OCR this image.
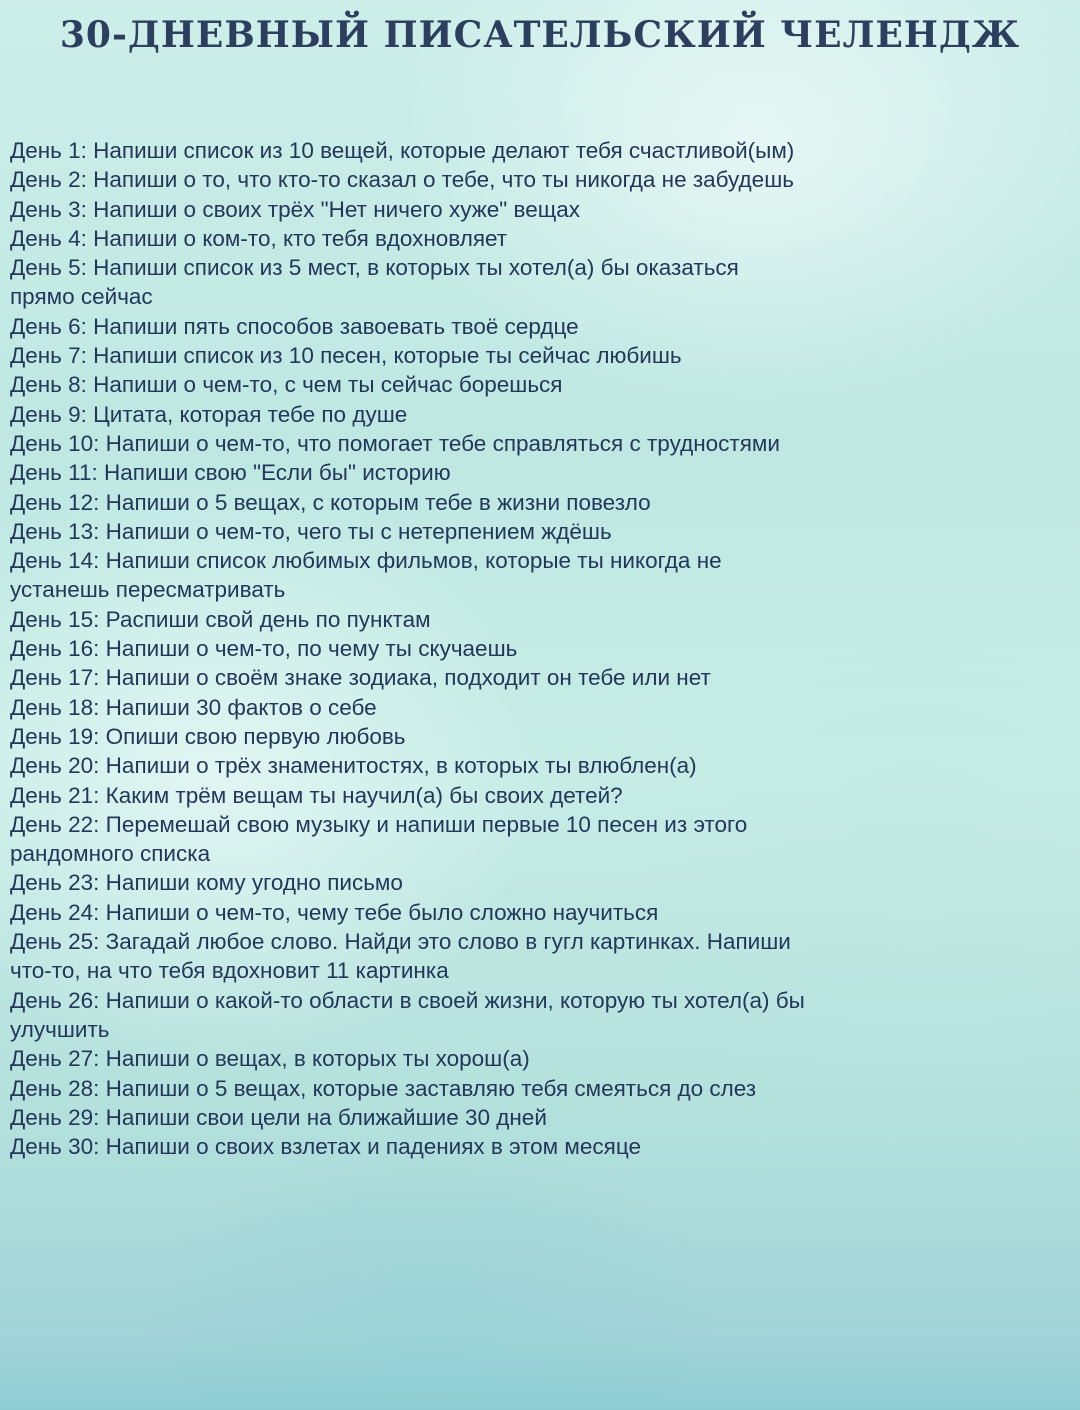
30-ДНЕВНЫЙ ПИСАТЕЛЬСКИЙ ЧЕЛЕНДЖ
День 1: Напиши список из 10 вещей, которые делают тебя счастливой(ым)
День 2: Напиши о то, что кто-то сказал о тебе, что ты никогда не забудешь
День 3: Напиши о своих трёх "Нет ничего хуже" вещах
День 4: Напиши о ком-то, кто тебя вдохновляет
День 5: Напиши список из 5 мест, в которых ты хотел(а) бы оказаться
прямо сейчас
День 6: Напиши пять способов завоевать твоё сердце
День 7: Напиши список из 10 песен, которые ты сейчас любишь
День 8: Напиши о чем-то, с чем ты сейчас борешься
День 9: Цитата, которая тебе по душе
День 10: Напиши о чем-то, что помогает тебе справляться с трудностями
День 11: Напиши свою "Если бы" историю
День 12: Напиши о 5 вещах, с которым тебе в жизни повезло
День 13: Напиши о чем-то, чего ты с нетерпением ждёшь
День 14: Напиши список любимых фильмов, которые ты никогда не
устанешь пересматривать
День 15: Распиши свой день по пунктам
День 16: Напиши о чем-то, по чему ты скучаешь
День 17: Напиши о своём знаке зодиака, подходит он тебе или нет
День 18: Напиши 30 фактов о себе
День 19: Опиши свою первую любовь
День 20: Напиши о трёх знаменитостях, в которых ты влюблен(а)
День 21: Каким трём вещам ты научил(а) бы своих детей?
День 22: Перемешай свою музыку и напиши первые 10 песен из этого
рандомного списка
День 23: Напиши кому угодно письмо
День 24: Напиши о чем-то, чему тебе было сложно научиться
День 25: Загадай любое слово. Найди это слово в гугл картинках. Напиши
что-то, на что тебя вдохновит 11 картинка
День 26: Напиши о какой-то области в своей жизни, которую ты хотел(а) бы
улучшить
День 27: Напиши о вещах, в которых ты хорош(а)
День 28: Напиши о 5 вещах, которые заставляю тебя смеяться до слез
День 29: Напиши свои цели на ближайшие 30 дней
День 30: Напиши о своих взлетах и падениях в этом месяце
